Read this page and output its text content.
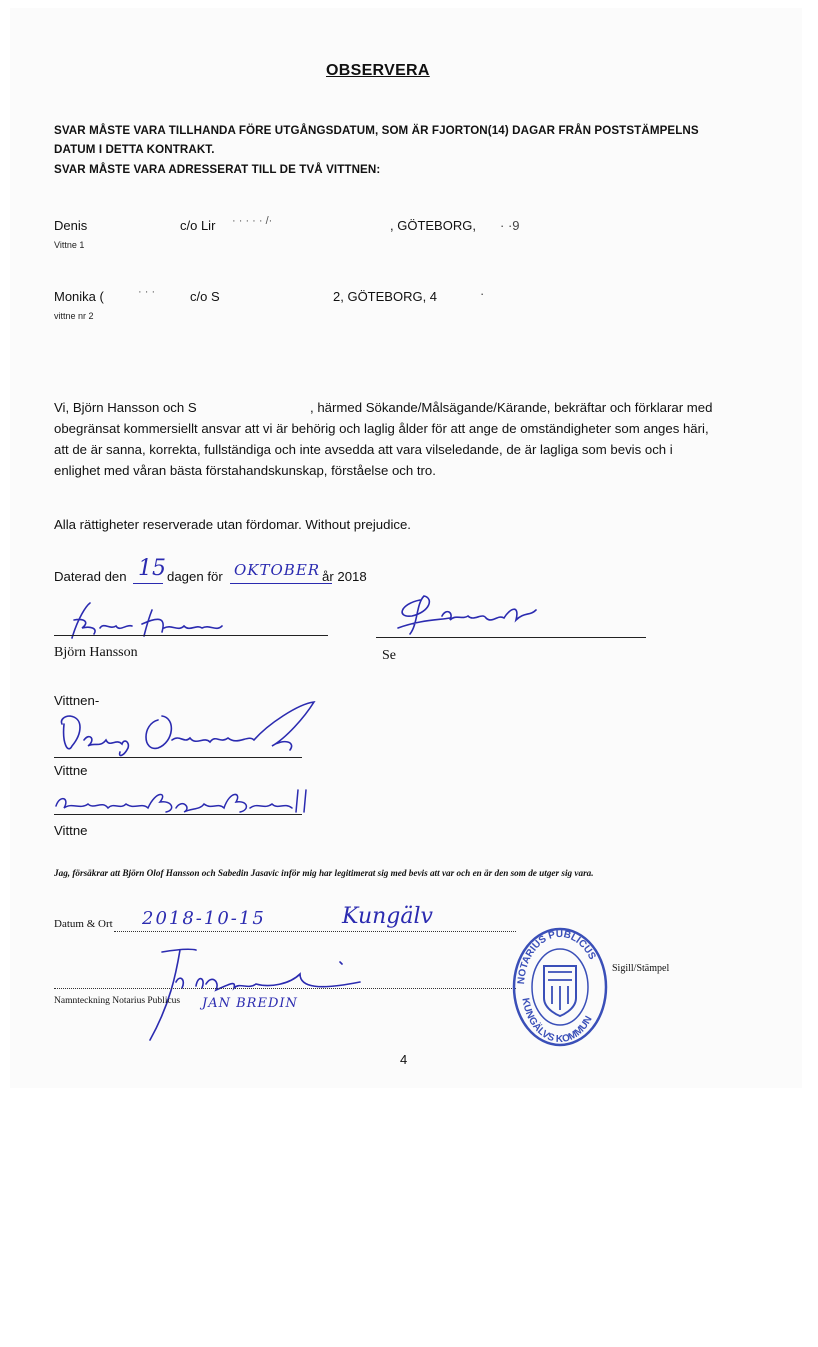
OBSERVERA
SVAR MÅSTE VARA TILLHANDA FÖRE UTGÅNGSDATUM, SOM ÄR FJORTON(14) DAGAR FRÅN POSTSTÄMPELNS
DATUM I DETTA KONTRAKT.
SVAR MÅSTE VARA ADRESSERAT TILL DE TVÅ VITTNEN:
Denis	c/o Lir · · · · · /·	, GÖTEBORG, · ·9
Vittne 1
Monika (	· · ·	c/o S	2, GÖTEBORG, 4	·
vittne nr 2
Vi, Björn Hansson och S	, härmed Sökande/Målsägande/Kärande, bekräftar och förklarar med
obegränsat kommersiellt ansvar att vi är behörig och laglig ålder för att ange de omständigheter som anges häri,
att de är sanna, korrekta, fullständiga och inte avsedda att vara vilseledande, de är lagliga som bevis och i
enlighet med våran bästa förstahandskunskap, förståelse och tro.
Alla rättigheter reserverade utan fördomar. Without prejudice.
Daterad den 15 dagen för OKTOBER år 2018
Björn Hansson	Se
Vittnen-
Vittne
Vittne
Jag, försäkrar att Björn Olof Hansson och Sabedin Jasavic inför mig har legitimerat sig med bevis att var och en är den som de utger sig vara.
Datum & Ort 2018-10-15	Kungälv
Namnteckning Notarius Publicus JAN BREDIN
NOTARIUS PUBLICUS
KUNGÄLVS KOMMUN
Sigill/Stämpel
4
